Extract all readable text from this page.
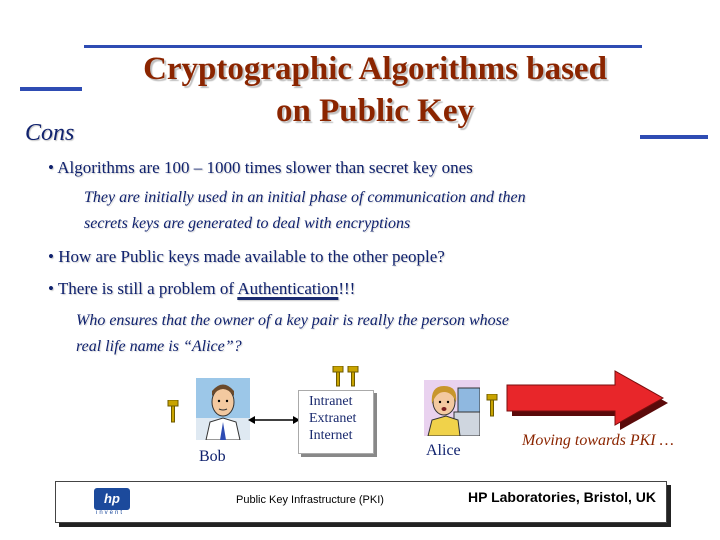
Cryptographic Algorithms based
on Public Key
Cons
• Algorithms are 100 – 1000 times slower than secret key ones
They are initially used in an initial phase of communication and then
secrets keys are generated to deal with encryptions
• How are Public keys made available to the other people?
• There is still a problem of Authentication!!!
Who ensures that the owner of a key pair is really the person whose
real life name is “Alice”?
Bob
Intranet
Extranet
Internet
Alice
Moving towards PKI …
hp
invent
Public Key Infrastructure (PKI)	HP Laboratories, Bristol, UK
